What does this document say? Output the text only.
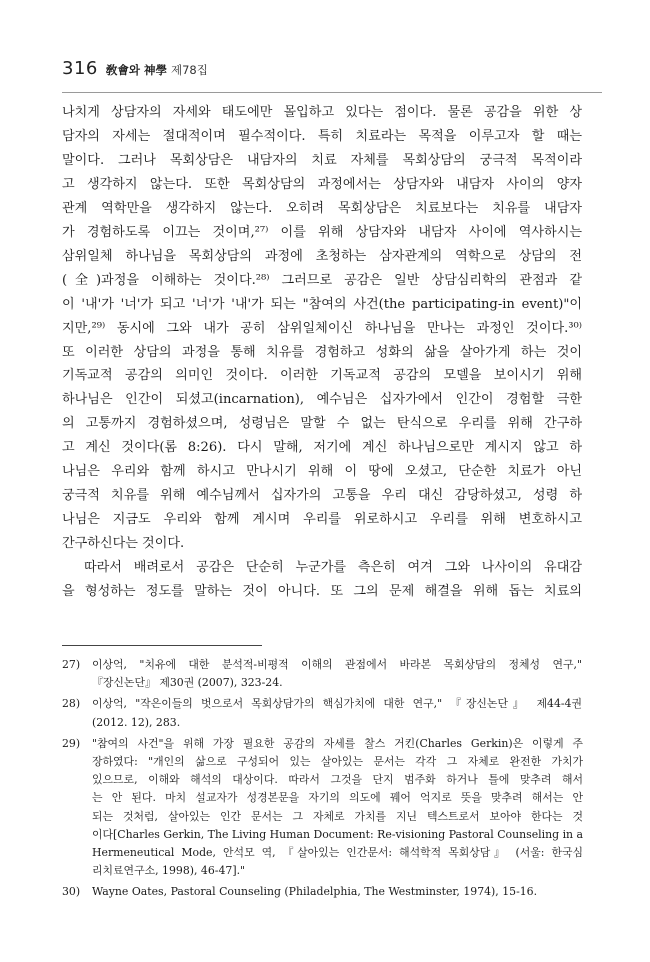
316 敎會와 神學 제78집
나치게 상담자의 자세와 태도에만 몰입하고 있다는 점이다. 물론 공감을 위한 상
담자의 자세는 절대적이며 필수적이다. 특히 치료라는 목적을 이루고자 할 때는
말이다. 그러나 목회상담은 내담자의 치료 자체를 목회상담의 궁극적 목적이라
고 생각하지 않는다. 또한 목회상담의 과정에서는 상담자와 내담자 사이의 양자
관계 역학만을 생각하지 않는다. 오히려 목회상담은 치료보다는 치유를 내담자
가 경험하도록 이끄는 것이며,²⁷⁾ 이를 위해 상담자와 내담자 사이에 역사하시는
삼위일체 하나님을 목회상담의 과정에 초청하는 삼자관계의 역학으로 상담의 전
(全)과정을 이해하는 것이다.²⁸⁾ 그러므로 공감은 일반 상담심리학의 관점과 같
이 '내'가 '너'가 되고 '너'가 '내'가 되는 "참여의 사건(the participating-in event)"이
지만,²⁹⁾ 동시에 그와 내가 공히 삼위일체이신 하나님을 만나는 과정인 것이다.³⁰⁾
또 이러한 상담의 과정을 통해 치유를 경험하고 성화의 삶을 살아가게 하는 것이
기독교적 공감의 의미인 것이다. 이러한 기독교적 공감의 모델을 보이시기 위해
하나님은 인간이 되셨고(incarnation), 예수님은 십자가에서 인간이 경험할 극한
의 고통까지 경험하셨으며, 성령님은 말할 수 없는 탄식으로 우리를 위해 간구하
고 계신 것이다(롬 8:26). 다시 말해, 저기에 계신 하나님으로만 계시지 않고 하
나님은 우리와 함께 하시고 만나시기 위해 이 땅에 오셨고, 단순한 치료가 아닌
궁극적 치유를 위해 예수님께서 십자가의 고통을 우리 대신 감당하셨고, 성령 하
나님은 지금도 우리와 함께 계시며 우리를 위로하시고 우리를 위해 변호하시고
간구하신다는 것이다.
따라서 배려로서 공감은 단순히 누군가를 측은히 여겨 그와 나사이의 유대감
을 형성하는 정도를 말하는 것이 아니다. 또 그의 문제 해결을 위해 돕는 치료의
27)	이상억, "치유에 대한 분석적-비평적 이해의 관점에서 바라본 목회상담의 정체성 연구,"
『장신논단』 제30권 (2007), 323-24.
28)	이상억, "작은이들의 벗으로서 목회상담가의 핵심가치에 대한 연구," 『장신논단』 제44-4권
(2012. 12), 283.
29)	"참여의 사건"을 위해 가장 필요한 공감의 자세를 찰스 거킨(Charles Gerkin)은 이렇게 주
장하였다: "개인의 삶으로 구성되어 있는 살아있는 문서는 각각 그 자체로 완전한 가치가
있으므로, 이해와 해석의 대상이다. 따라서 그것을 단지 범주화 하거나 틀에 맞추려 해서
는 안 된다. 마치 설교자가 성경본문을 자기의 의도에 꿰어 억지로 뜻을 맞추려 해서는 안
되는 것처럼, 살아있는 인간 문서는 그 자체로 가치를 지닌 텍스트로서 보아야 한다는 것
이다[Charles Gerkin, The Living Human Document: Re-visioning Pastoral Counseling in a
Hermeneutical Mode, 안석모 역, 『살아있는 인간문서: 해석학적 목회상담』 (서울: 한국심
리치료연구소, 1998), 46-47]."
30)	Wayne Oates, Pastoral Counseling (Philadelphia, The Westminster, 1974), 15-16.
